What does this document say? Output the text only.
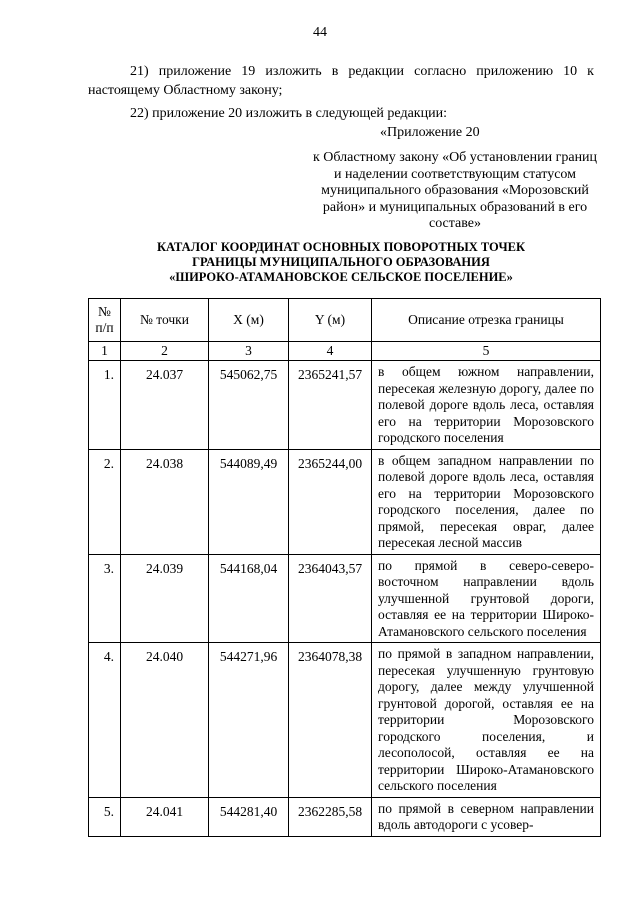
44
21) приложение 19 изложить в редакции согласно приложению 10 к настоящему Областному закону;
22) приложение 20 изложить в следующей редакции:
«Приложение 20
к Областному закону «Об установлении границ и наделении соответствующим статусом муниципального образования «Морозовский район» и муниципальных образований в его составе»
КАТАЛОГ КООРДИНАТ ОСНОВНЫХ ПОВОРОТНЫХ ТОЧЕК
ГРАНИЦЫ МУНИЦИПАЛЬНОГО ОБРАЗОВАНИЯ
«ШИРОКО-АТАМАНОВСКОЕ СЕЛЬСКОЕ ПОСЕЛЕНИЕ»
№
п/п	№ точки	X (м)	Y (м)	Описание отрезка границы
1	2	3	4	5
1.	24.037	545062,75	2365241,57	в общем южном направлении, пересекая железную дорогу, далее по полевой дороге вдоль леса, оставляя его на территории Морозовского городского поселения
2.	24.038	544089,49	2365244,00	в общем западном направлении по полевой дороге вдоль леса, оставляя его на территории Морозовского городского поселения, далее по прямой, пересекая овраг, далее пересекая лесной массив
3.	24.039	544168,04	2364043,57	по прямой в северо-северо-восточном направлении вдоль улучшенной грунтовой дороги, оставляя ее на территории Широко-Атамановского сельского поселения
4.	24.040	544271,96	2364078,38	по прямой в западном направлении, пересекая улучшенную грунтовую дорогу, далее между улучшенной грунтовой дорогой, оставляя ее на территории Морозовского городского поселения, и лесополосой, оставляя ее на территории Широко-Атамановского сельского поселения
5.	24.041	544281,40	2362285,58	по прямой в северном направлении вдоль автодороги с усовер-
